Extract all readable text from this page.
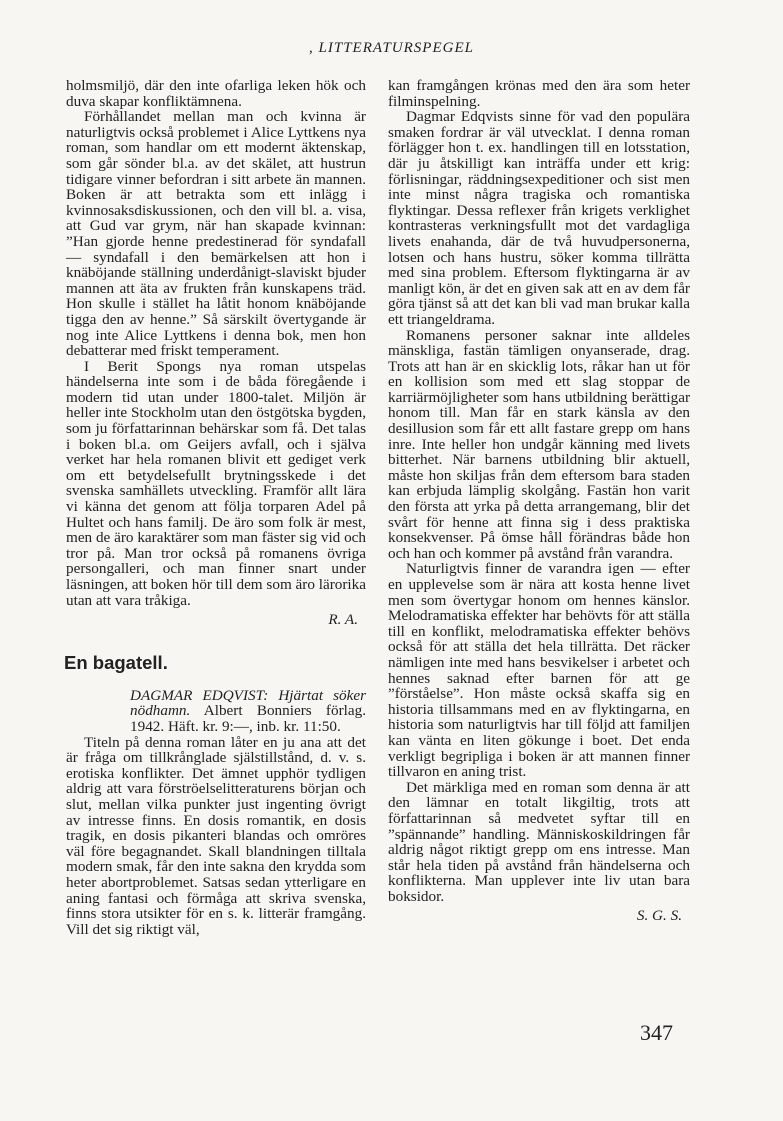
, LITTERATURSPEGEL

holmsmiljö, där den inte ofarliga leken hök och duva skapar konfliktämnena.

Förhållandet mellan man och kvinna är naturligtvis också problemet i Alice Lyttkens nya roman, som handlar om ett modernt äktenskap, som går sönder bl.a. av det skälet, att hustrun tidigare vinner befordran i sitt arbete än mannen. Boken är att betrakta som ett inlägg i kvinnosaksdiskussionen, och den vill bl. a. visa, att Gud var grym, när han skapade kvinnan: ”Han gjorde henne predestinerad för syndafall — syndafall i den bemärkelsen att hon i knäböjande ställning underdånigt-slaviskt bjuder mannen att äta av frukten från kunskapens träd. Hon skulle i stället ha låtit honom knäböjande tigga den av henne.” Så särskilt övertygande är nog inte Alice Lyttkens i denna bok, men hon debatterar med friskt temperament.

I Berit Spongs nya roman utspelas händelserna inte som i de båda föregående i modern tid utan under 1800-talet. Miljön är heller inte Stockholm utan den östgötska bygden, som ju författarinnan behärskar som få. Det talas i boken bl.a. om Geijers avfall, och i själva verket har hela romanen blivit ett gediget verk om ett betydelsefullt brytningsskede i det svenska samhällets utveckling. Framför allt lära vi känna det genom att följa torparen Adel på Hultet och hans familj. De äro som folk är mest, men de äro karaktärer som man fäster sig vid och tror på. Man tror också på romanens övriga persongalleri, och man finner snart under läsningen, att boken hör till dem som äro lärorika utan att vara tråkiga.

R. A.
En bagatell.

DAGMAR EDQVIST: Hjärtat söker nödhamn. Albert Bonniers förlag. 1942. Häft. kr. 9:—, inb. kr. 11:50.

Titeln på denna roman låter en ju ana att det är fråga om tillkrånglade själstillstånd, d. v. s. erotiska konflikter. Det ämnet upphör tydligen aldrig att vara förströelselitteraturens början och slut, mellan vilka punkter just ingenting övrigt av intresse finns. En dosis romantik, en dosis tragik, en dosis pikanteri blandas och omröres väl före begagnandet. Skall blandningen tilltala modern smak, får den inte sakna den krydda som heter abortproblemet. Satsas sedan ytterligare en aning fantasi och förmåga att skriva svenska, finns stora utsikter för en s. k. litterär framgång. Vill det sig riktigt väl,

kan framgången krönas med den ära som heter filminspelning.

Dagmar Edqvists sinne för vad den populära smaken fordrar är väl utvecklat. I denna roman förlägger hon t. ex. handlingen till en lotsstation, där ju åtskilligt kan inträffa under ett krig: förlisningar, räddningsexpeditioner och sist men inte minst några tragiska och romantiska flyktingar. Dessa reflexer från krigets verklighet kontrasteras verkningsfullt mot det vardagliga livets enahanda, där de två huvudpersonerna, lotsen och hans hustru, söker komma tillrätta med sina problem. Eftersom flyktingarna är av manligt kön, är det en given sak att en av dem får göra tjänst så att det kan bli vad man brukar kalla ett triangeldrama.

Romanens personer saknar inte alldeles mänskliga, fastän tämligen onyanserade, drag. Trots att han är en skicklig lots, råkar han ut för en kollision som med ett slag stoppar de karriärmöjligheter som hans utbildning berättigar honom till. Man får en stark känsla av den desillusion som får ett allt fastare grepp om hans inre. Inte heller hon undgår känning med livets bitterhet. När barnens utbildning blir aktuell, måste hon skiljas från dem eftersom bara staden kan erbjuda lämplig skolgång. Fastän hon varit den första att yrka på detta arrangemang, blir det svårt för henne att finna sig i dess praktiska konsekvenser. På ömse håll förändras både hon och han och kommer på avstånd från varandra.

Naturligtvis finner de varandra igen — efter en upplevelse som är nära att kosta henne livet men som övertygar honom om hennes känslor. Melodramatiska effekter har behövts för att ställa till en konflikt, melodramatiska effekter behövs också för att ställa det hela tillrätta. Det räcker nämligen inte med hans besvikelser i arbetet och hennes saknad efter barnen för att ge ”förståelse”. Hon måste också skaffa sig en historia tillsammans med en av flyktingarna, en historia som naturligtvis har till följd att familjen kan vänta en liten gökunge i boet. Det enda verkligt begripliga i boken är att mannen finner tillvaron en aning trist.

Det märkliga med en roman som denna är att den lämnar en totalt likgiltig, trots att författarinnan så medvetet syftar till en ”spännande” handling. Människoskildringen får aldrig något riktigt grepp om ens intresse. Man står hela tiden på avstånd från händelserna och konflikterna. Man upplever inte liv utan bara boksidor.

S. G. S.
347
